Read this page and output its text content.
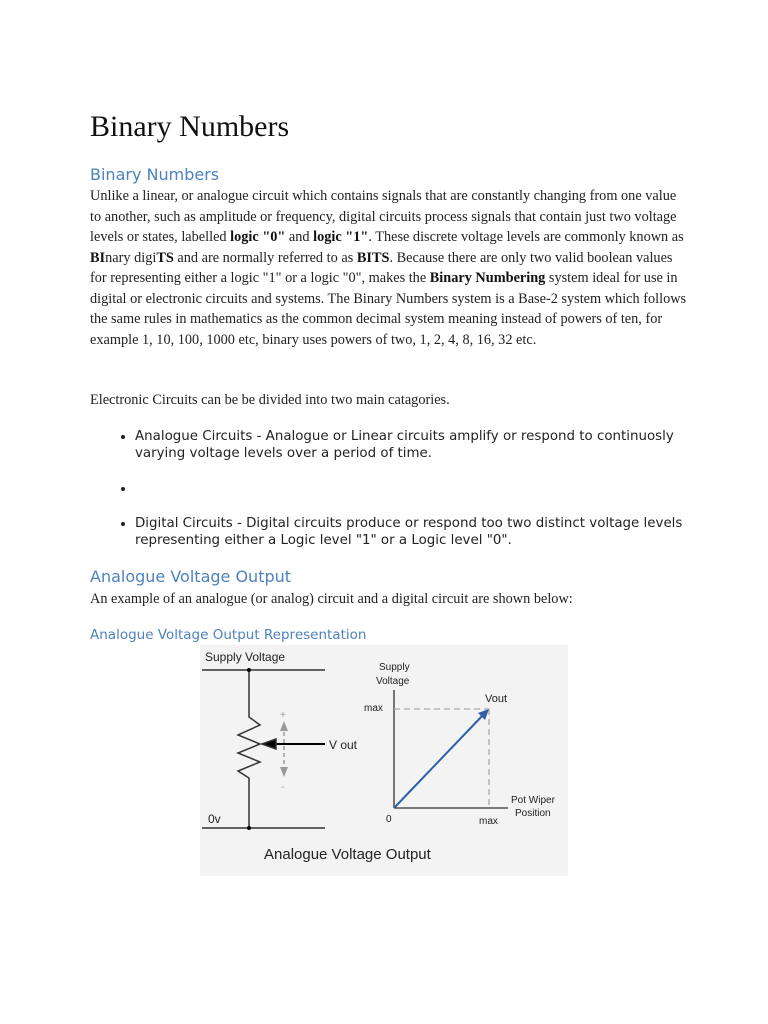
Binary Numbers
Binary Numbers

Unlike a linear, or analogue circuit which contains signals that are constantly changing from one value to another, such as amplitude or frequency, digital circuits process signals that contain just two voltage levels or states, labelled logic "0" and logic "1". These discrete voltage levels are commonly known as BInary digiTS and are normally referred to as BITS. Because there are only two valid boolean values for representing either a logic "1" or a logic "0", makes the Binary Numbering system ideal for use in digital or electronic circuits and systems. The Binary Numbers system is a Base-2 system which follows the same rules in mathematics as the common decimal system meaning instead of powers of ten, for example 1, 10, 100, 1000 etc, binary uses powers of two, 1, 2, 4, 8, 16, 32 etc.

Electronic Circuits can be be divided into two main catagories.

• Analogue Circuits - Analogue or Linear circuits amplify or respond to continuosly varying voltage levels over a period of time.
•
• Digital Circuits - Digital circuits produce or respond too two distinct voltage levels representing either a Logic level "1" or a Logic level "0".
Analogue Voltage Output

An example of an analogue (or analog) circuit and a digital circuit are shown below:

Analogue Voltage Output Representation
Supply Voltage
0v
+
-
V out
Supply
Voltage
max
0	max
Pot Wiper
Position
Vout
Analogue Voltage Output
